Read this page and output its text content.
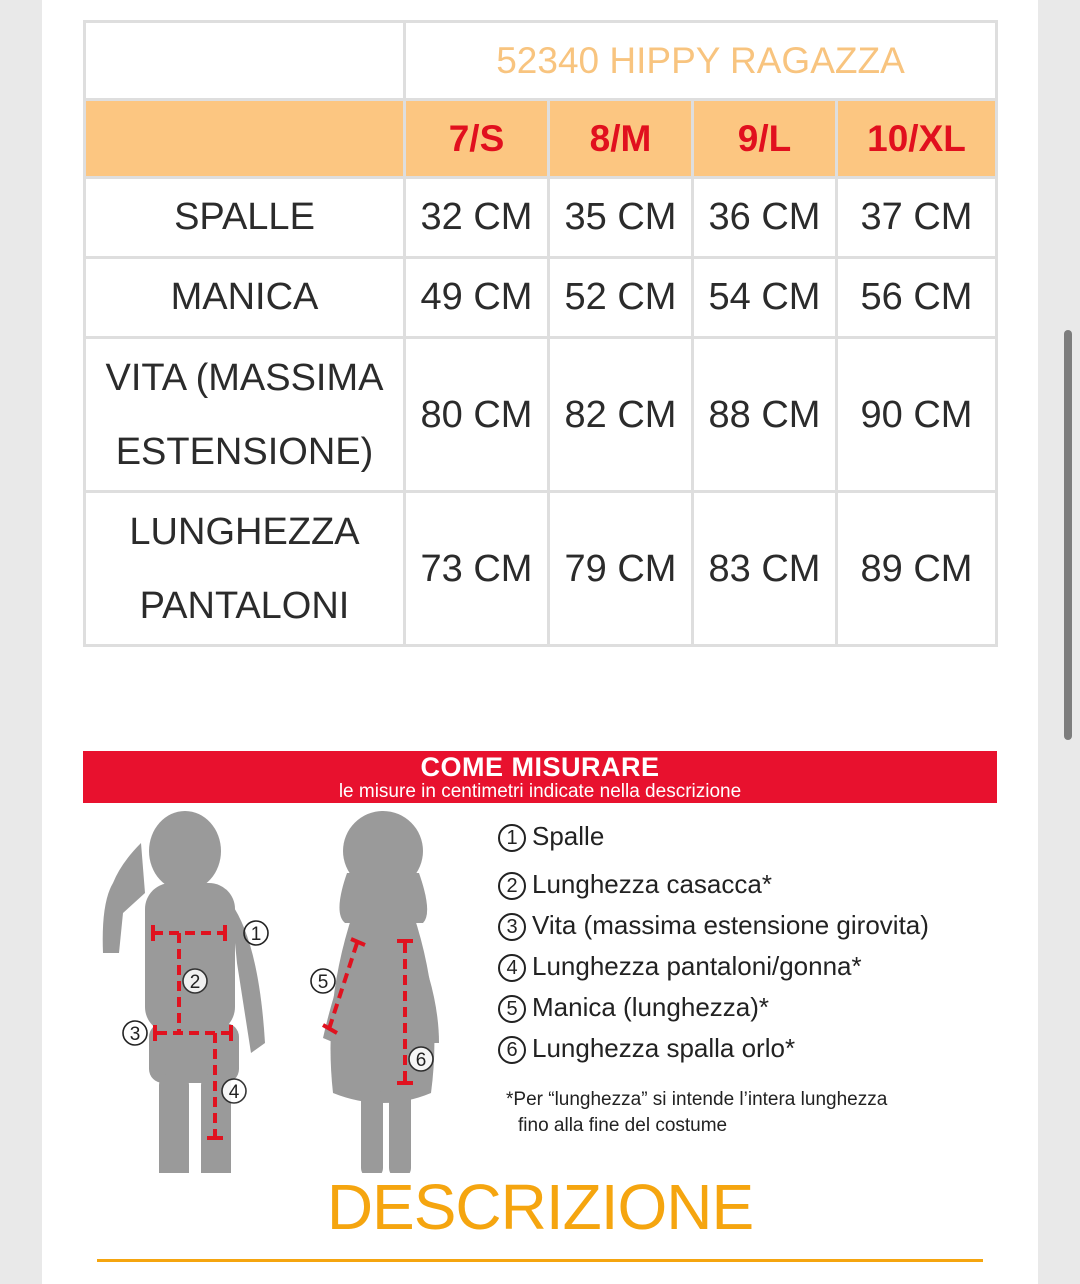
	52340 HIPPY RAGAZZA			
	7/S	8/M	9/L	10/XL
SPALLE	32 CM	35 CM	36 CM	37 CM
MANICA	49 CM	52 CM	54 CM	56 CM

VITA (MASSIMA
ESTENSIONE)	80 CM	82 CM	88 CM	90 CM

LUNGHEZZA
PANTALONI	73 CM	79 CM	83 CM	89 CM
COME MISURARE
le misure in centimetri indicate nella descrizione
1
2
3
4
5
6
1 Spalle
2 Lunghezza casacca*
3 Vita (massima estensione girovita)
4 Lunghezza pantaloni/gonna*
5 Manica (lunghezza)*
6 Lunghezza spalla orlo*
*Per “lunghezza” si intende l’intera lunghezza
fino alla fine del costume
DESCRIZIONE
